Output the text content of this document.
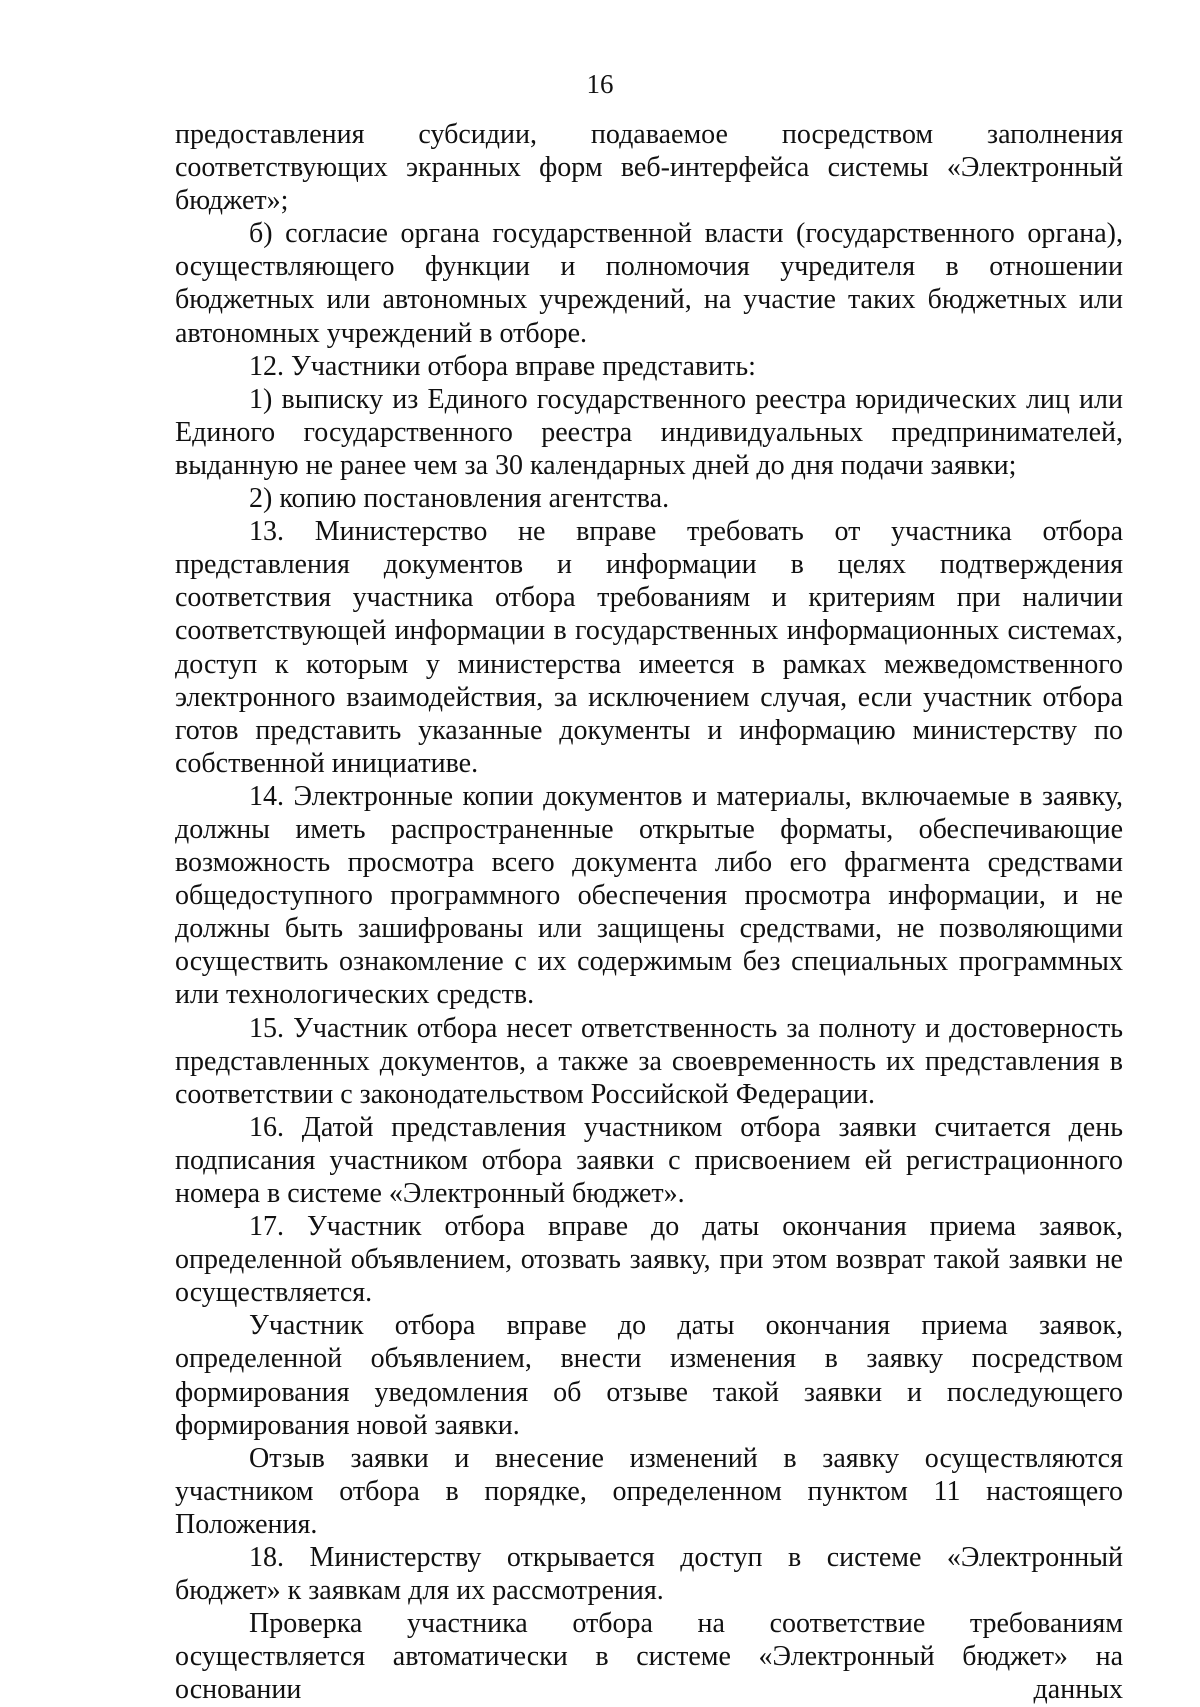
16

предоставления субсидии, подаваемое посредством заполнения соответствующих экранных форм веб-интерфейса системы «Электронный бюджет»;

б) согласие органа государственной власти (государственного органа), осуществляющего функции и полномочия учредителя в отношении бюджетных или автономных учреждений, на участие таких бюджетных или автономных учреждений в отборе.

12. Участники отбора вправе представить:

1) выписку из Единого государственного реестра юридических лиц или Единого государственного реестра индивидуальных предпринимателей, выданную не ранее чем за 30 календарных дней до дня подачи заявки;

2) копию постановления агентства.

13. Министерство не вправе требовать от участника отбора представления документов и информации в целях подтверждения соответствия участника отбора требованиям и критериям при наличии соответствующей информации в государственных информационных системах, доступ к которым у министерства имеется в рамках межведомственного электронного взаимодействия, за исключением случая, если участник отбора готов представить указанные документы и информацию министерству по собственной инициативе.

14. Электронные копии документов и материалы, включаемые в заявку, должны иметь распространенные открытые форматы, обеспечивающие возможность просмотра всего документа либо его фрагмента средствами общедоступного программного обеспечения просмотра информации, и не должны быть зашифрованы или защищены средствами, не позволяющими осуществить ознакомление с их содержимым без специальных программных или технологических средств.

15. Участник отбора несет ответственность за полноту и достоверность представленных документов, а также за своевременность их представления в соответствии с законодательством Российской Федерации.

16. Датой представления участником отбора заявки считается день подписания участником отбора заявки с присвоением ей регистрационного номера в системе «Электронный бюджет».

17. Участник отбора вправе до даты окончания приема заявок, определенной объявлением, отозвать заявку, при этом возврат такой заявки не осуществляется.

Участник отбора вправе до даты окончания приема заявок, определенной объявлением, внести изменения в заявку посредством формирования уведомления об отзыве такой заявки и последующего формирования новой заявки.

Отзыв заявки и внесение изменений в заявку осуществляются участником отбора в порядке, определенном пунктом 11 настоящего Положения.

18. Министерству открывается доступ в системе «Электронный бюджет» к заявкам для их рассмотрения.

Проверка участника отбора на соответствие требованиям осуществляется автоматически в системе «Электронный бюджет» на основании данных
